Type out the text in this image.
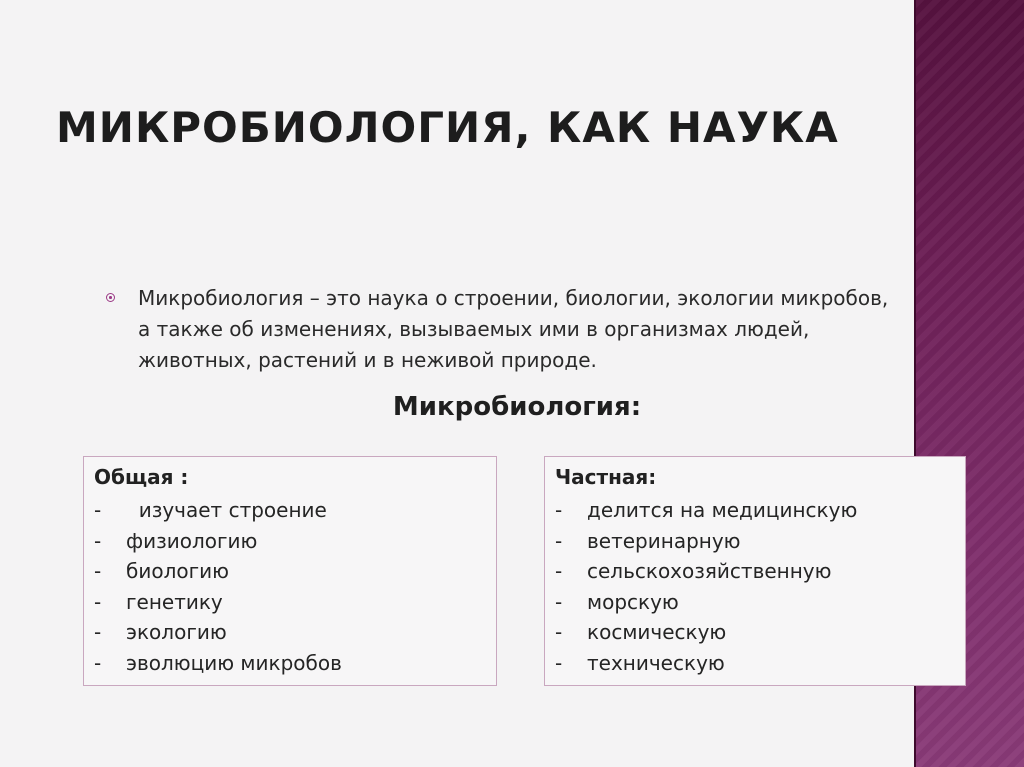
МИКРОБИОЛОГИЯ, КАК НАУКА
Микробиология – это наука о строении, биологии, экологии микробов, а также об изменениях, вызываемых ими в организмах людей, животных, растений и в неживой природе.
Микробиология:
Общая :
-  изучает строение
- физиологию
- биологию
- генетику
- экологию
- эволюцию микробов
Частная:
- делится на медицинскую
- ветеринарную
- сельскохозяйственную
- морскую
- космическую
- техническую
